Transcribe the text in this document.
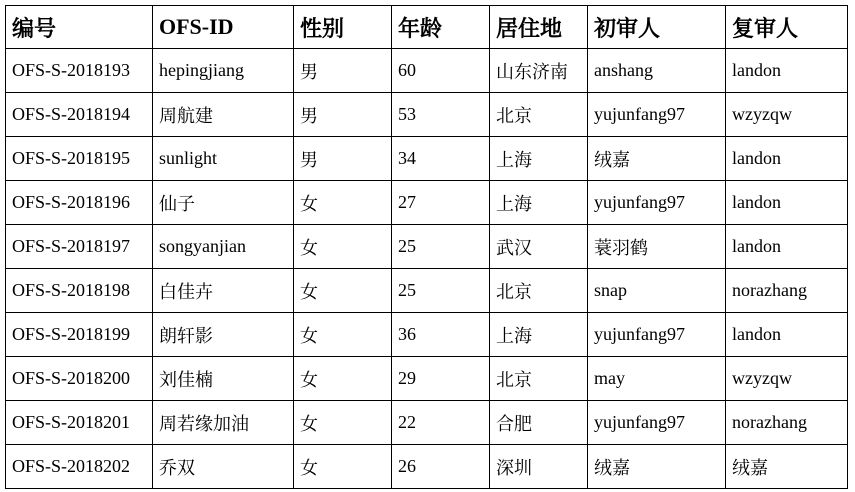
编号	OFS-ID	性别	年龄	居住地	初审人	复审人
OFS-S-2018193	hepingjiang	男	60	山东济南	anshang	landon
OFS-S-2018194	周航建	男	53	北京	yujunfang97	wzyzqw
OFS-S-2018195	sunlight	男	34	上海	绒嘉	landon
OFS-S-2018196	仙子	女	27	上海	yujunfang97	landon
OFS-S-2018197	songyanjian	女	25	武汉	蓑羽鹤	landon
OFS-S-2018198	白佳卉	女	25	北京	snap	norazhang
OFS-S-2018199	朗轩影	女	36	上海	yujunfang97	landon
OFS-S-2018200	刘佳楠	女	29	北京	may	wzyzqw
OFS-S-2018201	周若缘加油	女	22	合肥	yujunfang97	norazhang
OFS-S-2018202	乔双	女	26	深圳	绒嘉	绒嘉
